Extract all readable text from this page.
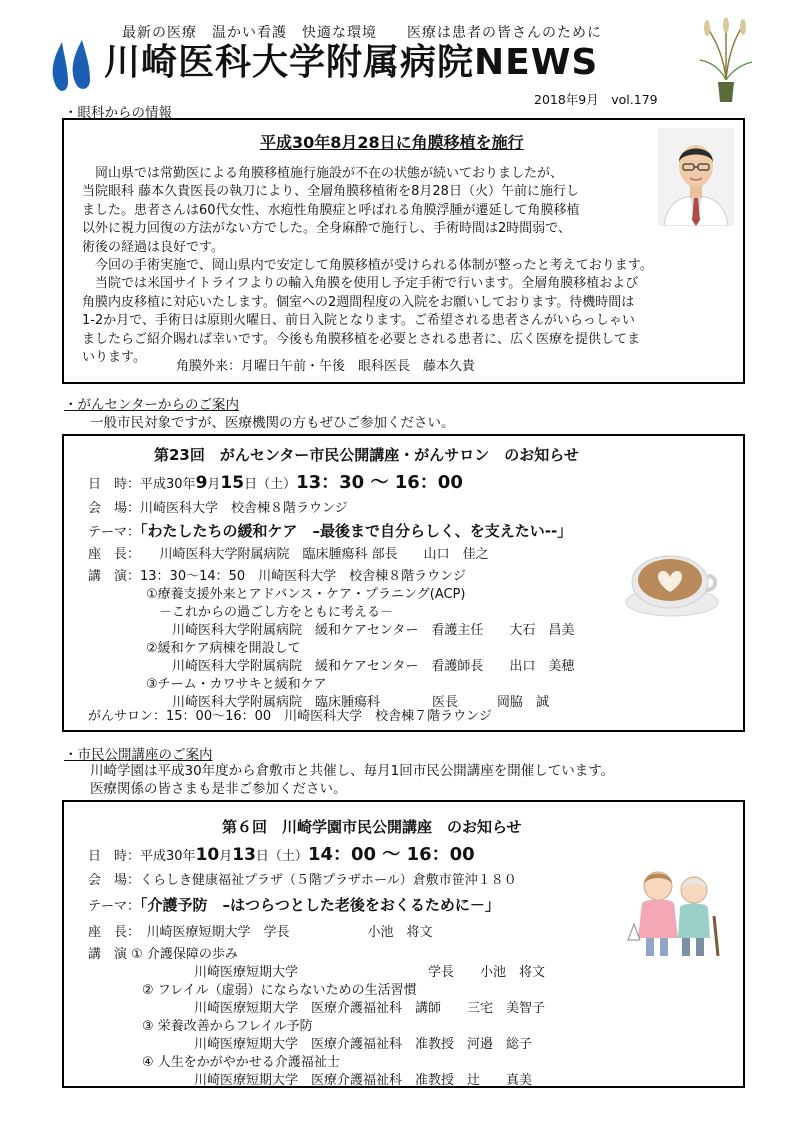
最新の医療　温かい看護　快適な環境　　医療は患者の皆さんのために
川崎医科大学附属病院NEWS
2018年9月　vol.179
・眼科からの情報
平成30年8月28日に角膜移植を施行

　岡山県では常勤医による角膜移植施行施設が不在の状態が続いておりましたが、

当院眼科 藤本久貴医長の執刀により、全層角膜移植術を8月28日（火）午前に施行し

ました。患者さんは60代女性、水疱性角膜症と呼ばれる角膜浮腫が遷延して角膜移植

以外に視力回復の方法がない方でした。全身麻酔で施行し、手術時間は2時間弱で、

術後の経過は良好です。

　今回の手術実施で、岡山県内で安定して角膜移植が受けられる体制が整ったと考えております。

　当院では米国サイトライフよりの輸入角膜を使用し予定手術で行います。全層角膜移植および

角膜内皮移植に対応いたします。個室への2週間程度の入院をお願いしております。待機時間は

1-2か月で、手術日は原則火曜日、前日入院となります。ご希望される患者さんがいらっしゃい

ましたらご紹介賜れば幸いです。今後も角膜移植を必要とされる患者に、広く医療を提供してま

いります。

角膜外来：月曜日午前・午後　眼科医長　藤本久貴
・がんセンターからのご案内
一般市民対象ですが、医療機関の方もぜひご参加ください。
第23回　がんセンター市民公開講座・がんサロン　のお知らせ
日　時：平成30年9月15日（土）13：30 ～ 16：00
会　場：川崎医科大学　校舎棟８階ラウンジ
テーマ：「わたしたちの緩和ケア　–最後まで自分らしく、を支えたい--」
座　長：　　川崎医科大学附属病院　臨床腫瘍科 部長　　山口　佳之
講　演：13：30～14：50　川崎医科大学　校舎棟８階ラウンジ
①療養支援外来とアドバンス・ケア・プラニング(ACP)
　－これからの過ごし方をともに考える－
　　川崎医科大学附属病院　緩和ケアセンター　看護主任　　大石　昌美
②緩和ケア病棟を開設して
　　川崎医科大学附属病院　緩和ケアセンター　看護師長　　出口　美穂
③チーム・カワサキと緩和ケア
　　川崎医科大学附属病院　臨床腫瘍科　　　　医長　　　岡脇　誠
がんサロン：15：00～16：00　川崎医科大学　校舎棟７階ラウンジ
・市民公開講座のご案内
川崎学園は平成30年度から倉敷市と共催し、毎月1回市民公開講座を開催しています。
医療関係の皆さまも是非ご参加ください。
第６回　川崎学園市民公開講座　のお知らせ
日　時：平成30年10月13日（土）14：00 ～ 16：00
会　場：くらしき健康福祉プラザ（５階プラザホール）倉敷市笹沖１８０
テーマ：「介護予防　–はつらつとした老後をおくるために－」
座　長：　川崎医療短期大学　学長　　　　　　小池　将文
講　演 ① 介護保障の歩み
　　　　川崎医療短期大学　　　　　　　　　　学長　　小池　将文
② フレイル（虚弱）にならないための生活習慣
　　　　川崎医療短期大学　医療介護福祉科　講師　　三宅　美智子
③ 栄養改善からフレイル予防
　　　　川崎医療短期大学　医療介護福祉科　准教授　河邉　総子
④ 人生をかがやかせる介護福祉士
　　　　川崎医療短期大学　医療介護福祉科　准教授　辻　　真美
